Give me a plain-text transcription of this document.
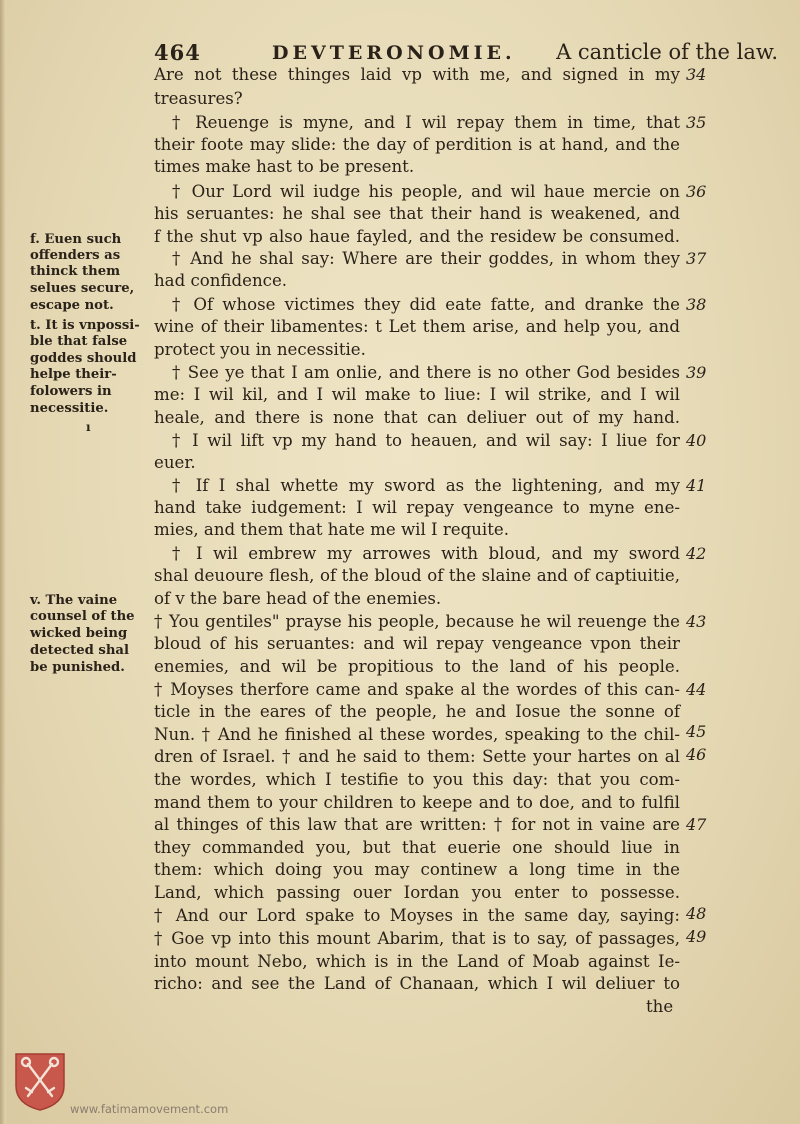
464	DEVTERONOMIE. A canticle of the law.
Are not these thinges laid vp with me, and signed in my
treasures?
† Reuenge is myne, and I wil repay them in time, that
their foote may slide: the day of perdition is at hand, and the
times make hast to be present.
† Our Lord wil iudge his people, and wil haue mercie on
his seruantes: he shal see that their hand is weakened, and
f the shut vp also haue fayled, and the residew be consumed.
† And he shal say: Where are their goddes, in whom they
had confidence.
† Of whose victimes they did eate fatte, and dranke the
wine of their libamentes: t Let them arise, and help you, and
protect you in necessitie.
† See ye that I am onlie, and there is no other God besides
me: I wil kil, and I wil make to liue: I wil strike, and I wil
heale, and there is none that can deliuer out of my hand.
† I wil lift vp my hand to heauen, and wil say: I liue for
euer.
† If I shal whette my sword as the lightening, and my
hand take iudgement: I wil repay vengeance to myne ene-
mies, and them that hate me wil I requite.
† I wil embrew my arrowes with bloud, and my sword
shal deuoure flesh, of the bloud of the slaine and of captiuitie,
of v the bare head of the enemies.
† You gentiles" prayse his people, because he wil reuenge the
bloud of his seruantes: and wil repay vengeance vpon their
enemies, and wil be propitious to the land of his people.
† Moyses therfore came and spake al the wordes of this can-
ticle in the eares of the people, he and Iosue the sonne of
Nun. † And he finished al these wordes, speaking to the chil-
dren of Israel. † and he said to them: Sette your hartes on al
the wordes, which I testifie to you this day: that you com-
mand them to your children to keepe and to doe, and to fulfil
al thinges of this law that are written: † for not in vaine are
they commanded you, but that euerie one should liue in
them: which doing you may continew a long time in the
Land, which passing ouer Iordan you enter to possesse.
† And our Lord spake to Moyses in the same day, saying:
† Goe vp into this mount Abarim, that is to say, of passages,
into mount Nebo, which is in the Land of Moab against Ie-
richo: and see the Land of Chanaan, which I wil deliuer to
the
34
35
36
37
38
39
40
41
42
43
44
45
46
47
48
49
f. Euen such
offenders as
thinck them
selues secure,
escape not.
t. It is vnpossi-
ble that false
goddes should
helpe their-
folowers in
necessitie.
ı
v. The vaine
counsel of the
wicked being
detected shal
be punished.
www.fatimamovement.com
